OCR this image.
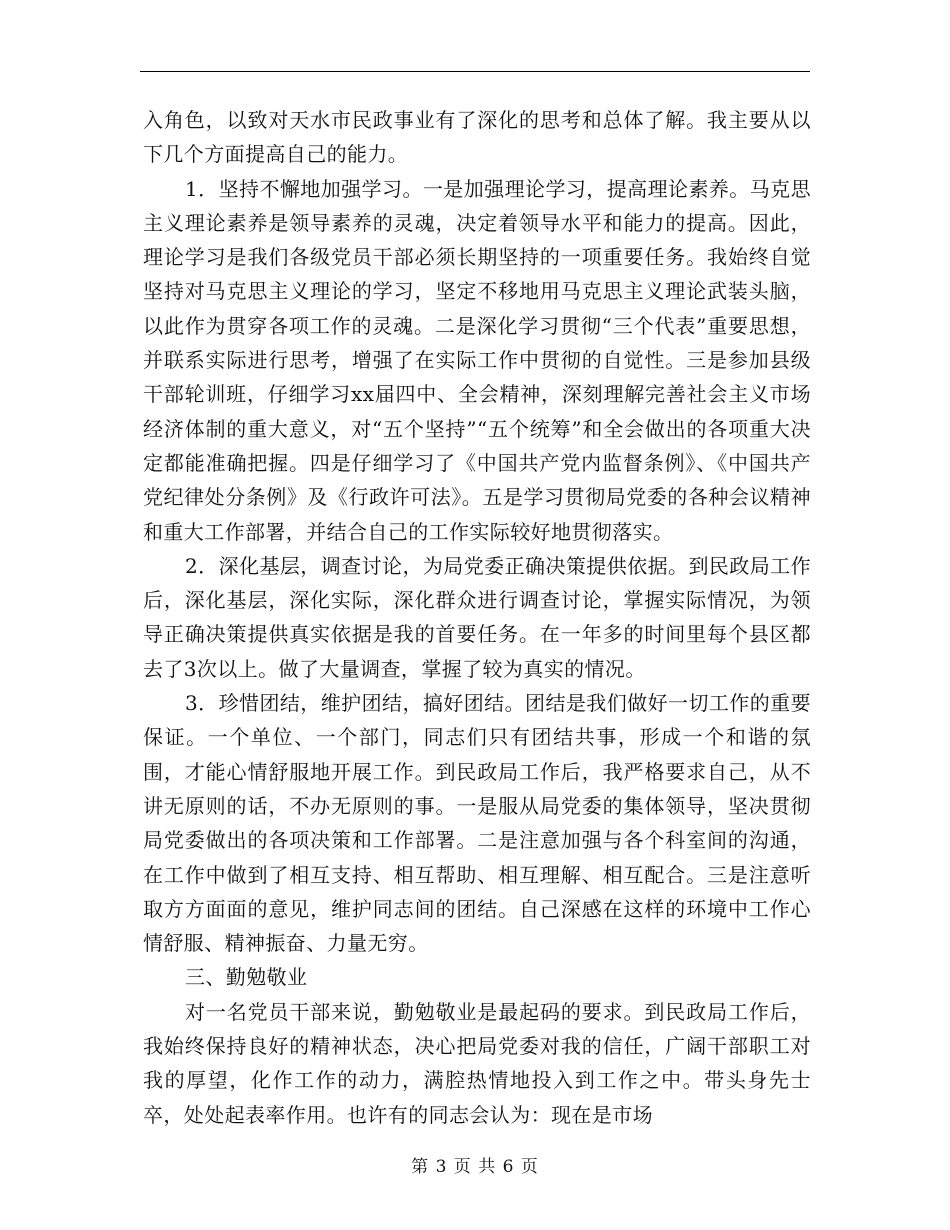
入角色，以致对天水市民政事业有了深化的思考和总体了解。我主要从以下几个方面提高自己的能力。

1．坚持不懈地加强学习。一是加强理论学习，提高理论素养。马克思主义理论素养是领导素养的灵魂，决定着领导水平和能力的提高。因此，理论学习是我们各级党员干部必须长期坚持的一项重要任务。我始终自觉坚持对马克思主义理论的学习，坚定不移地用马克思主义理论武装头脑，以此作为贯穿各项工作的灵魂。二是深化学习贯彻“三个代表”重要思想，并联系实际进行思考，增强了在实际工作中贯彻的自觉性。三是参加县级干部轮训班，仔细学习xx届四中、全会精神，深刻理解完善社会主义市场经济体制的重大意义，对“五个坚持”“五个统筹”和全会做出的各项重大决定都能准确把握。四是仔细学习了《中国共产党内监督条例》、《中国共产党纪律处分条例》及《行政许可法》。五是学习贯彻局党委的各种会议精神和重大工作部署，并结合自己的工作实际较好地贯彻落实。

2．深化基层，调查讨论，为局党委正确决策提供依据。到民政局工作后，深化基层，深化实际，深化群众进行调查讨论，掌握实际情况，为领导正确决策提供真实依据是我的首要任务。在一年多的时间里每个县区都去了3次以上。做了大量调查，掌握了较为真实的情况。

3．珍惜团结，维护团结，搞好团结。团结是我们做好一切工作的重要保证。一个单位、一个部门，同志们只有团结共事，形成一个和谐的氛围，才能心情舒服地开展工作。到民政局工作后，我严格要求自己，从不讲无原则的话，不办无原则的事。一是服从局党委的集体领导，坚决贯彻局党委做出的各项决策和工作部署。二是注意加强与各个科室间的沟通，在工作中做到了相互支持、相互帮助、相互理解、相互配合。三是注意听取方方面面的意见，维护同志间的团结。自己深感在这样的环境中工作心情舒服、精神振奋、力量无穷。

三、勤勉敬业

对一名党员干部来说，勤勉敬业是最起码的要求。到民政局工作后，我始终保持良好的精神状态，决心把局党委对我的信任，广阔干部职工对我的厚望，化作工作的动力，满腔热情地投入到工作之中。带头身先士卒，处处起表率作用。也许有的同志会认为：现在是市场

第 3 页 共 6 页
